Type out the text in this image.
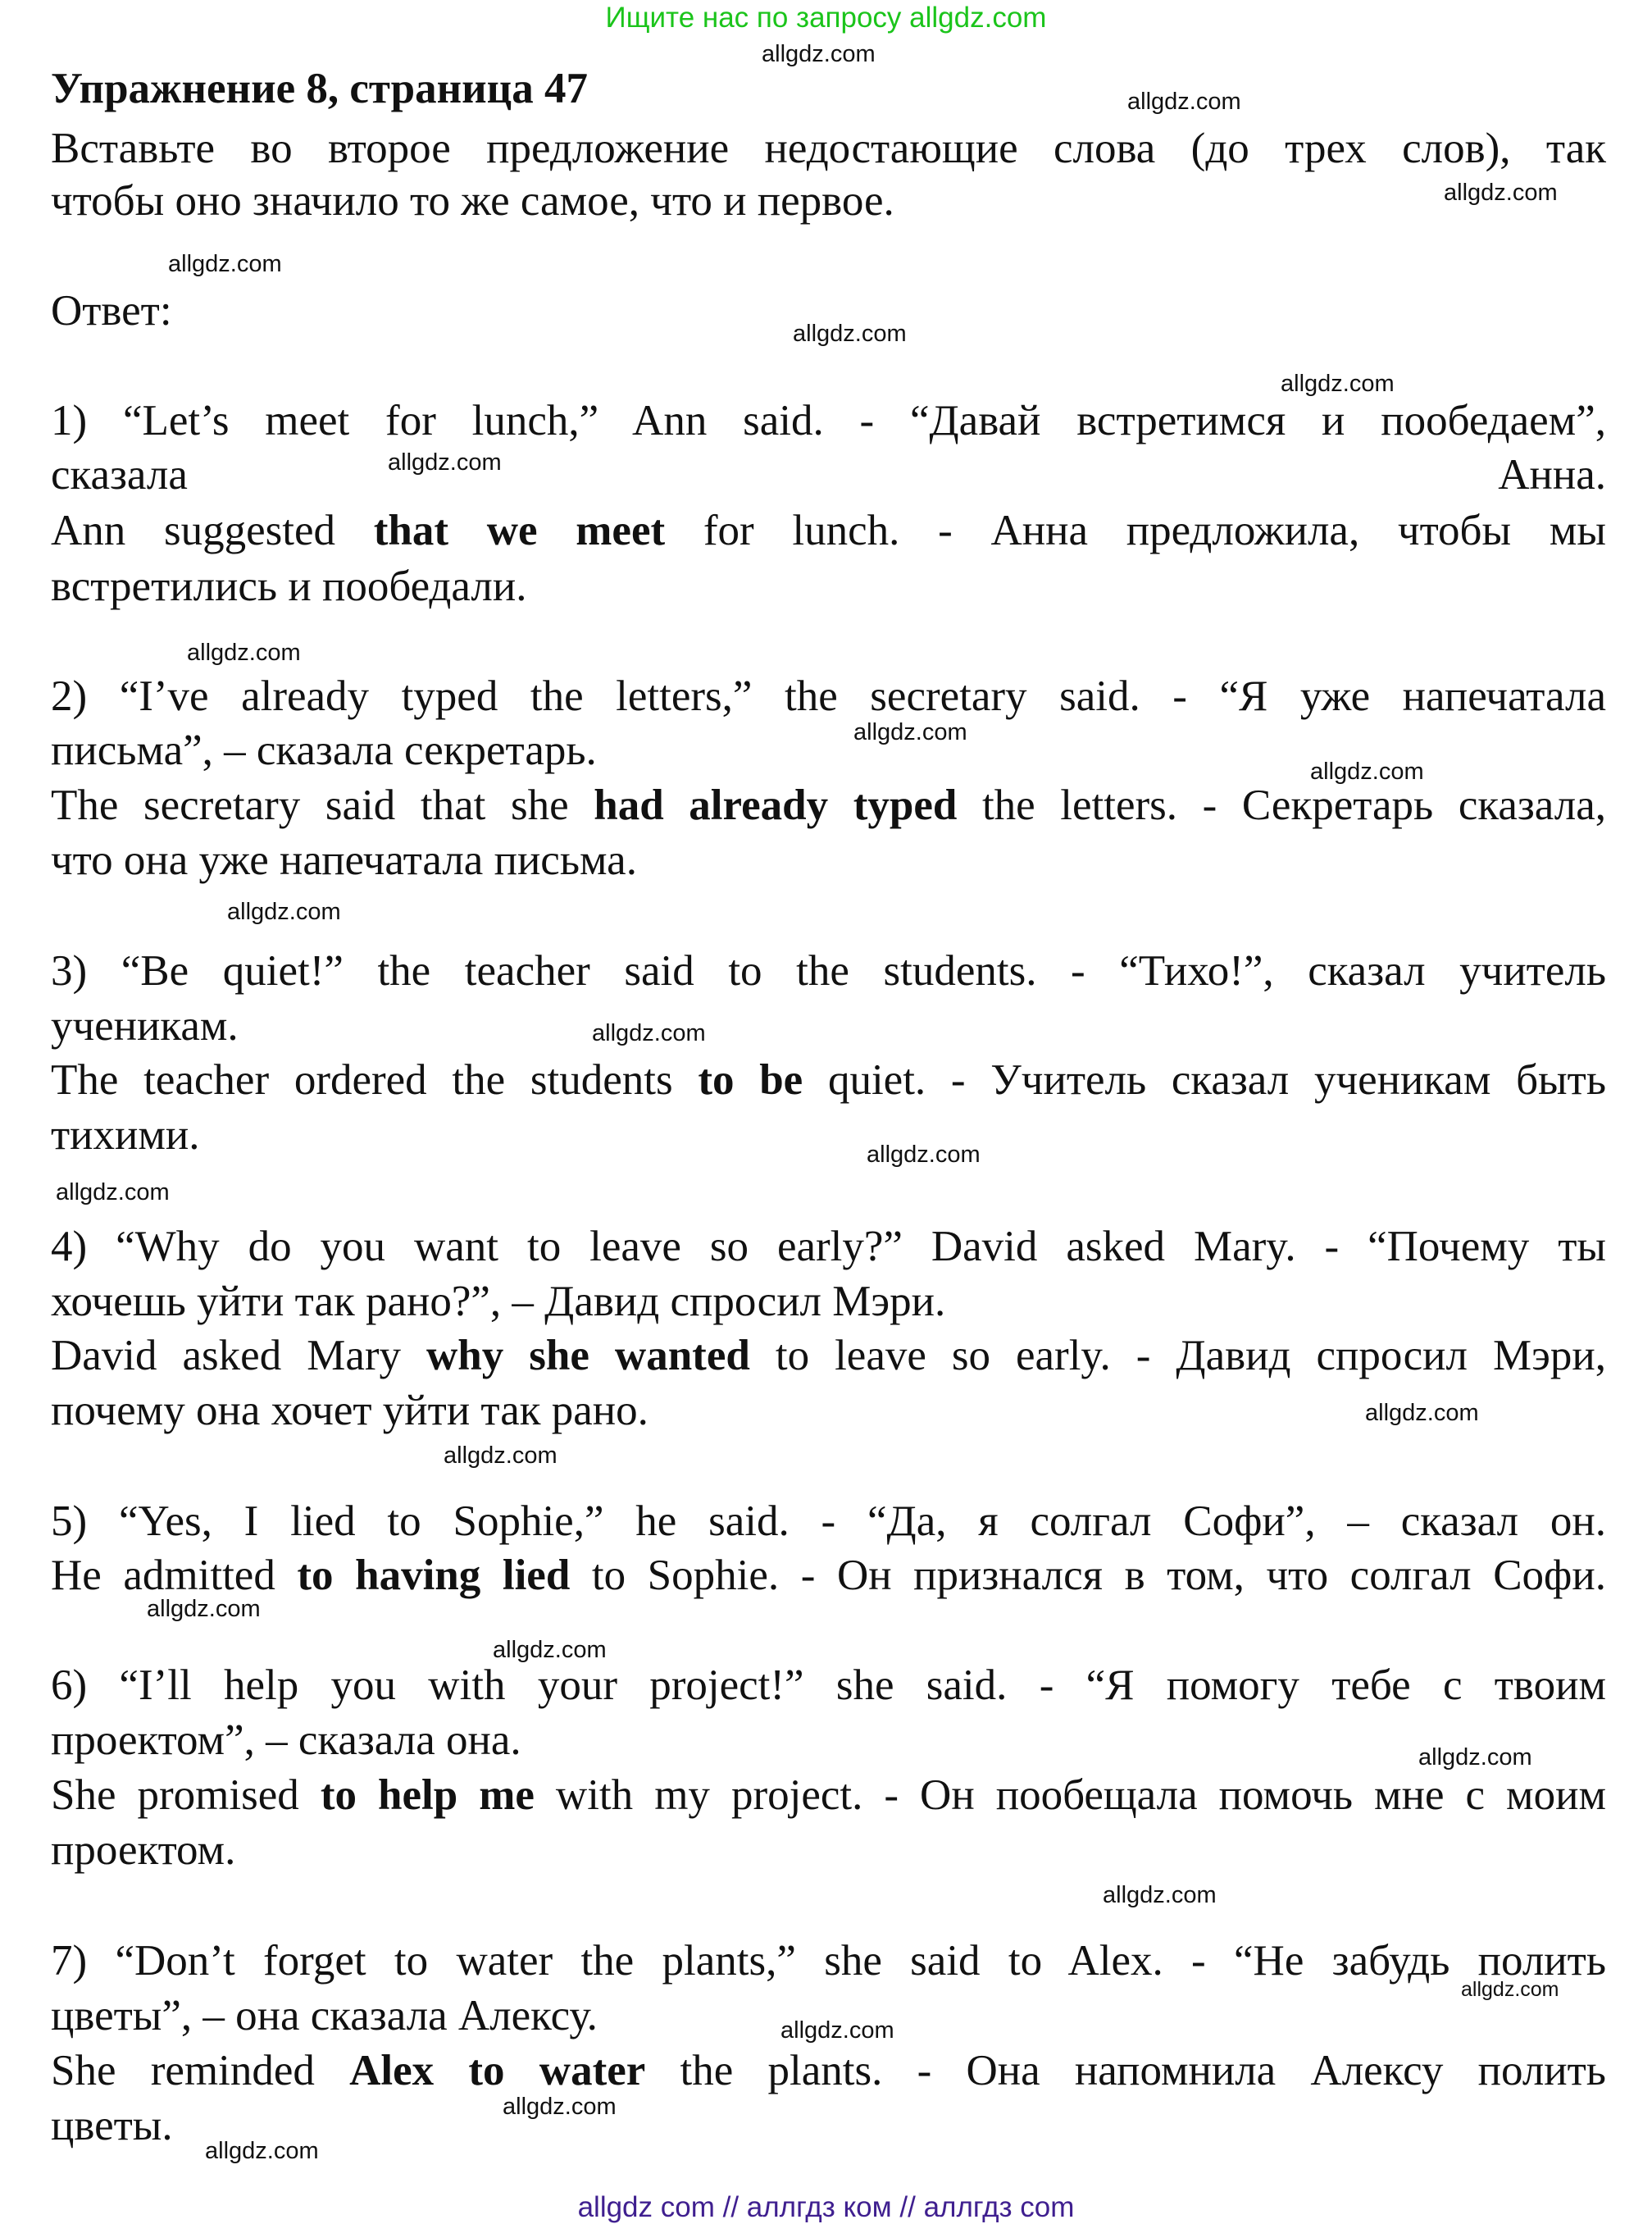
Ищите нас по запросу allgdz.com
Упражнение 8, страница 47
Вставьте во второе предложение недостающие слова (до трех слов), так
чтобы оно значило то же самое, что и первое.
Ответ:
1) “Let’s meet for lunch,” Ann said. - “Давай встретимся и пообедаем”,
сказала	Анна.
Ann suggested that we meet for lunch. - Анна предложила, чтобы мы
встретились и пообедали.
2) “I’ve already typed the letters,” the secretary said. - “Я уже напечатала
письма”, – сказала секретарь.
The secretary said that she had already typed the letters. - Секретарь сказала,
что она уже напечатала письма.
3) “Be quiet!” the teacher said to the students. - “Тихо!”, сказал учитель
ученикам.
The teacher ordered the students to be quiet. - Учитель сказал ученикам быть
тихими.
4) “Why do you want to leave so early?” David asked Mary. - “Почему ты
хочешь уйти так рано?”, – Давид спросил Мэри.
David asked Mary why she wanted to leave so early. - Давид спросил Мэри,
почему она хочет уйти так рано.
5) “Yes, I lied to Sophie,” he said. - “Да, я солгал Софи”, – сказал он.
He admitted to having lied to Sophie. - Он признался в том, что солгал Софи.
6) “I’ll help you with your project!” she said. - “Я помогу тебе с твоим
проектом”, – сказала она.
She promised to help me with my project. - Он пообещала помочь мне с моим
проектом.
7) “Don’t forget to water the plants,” she said to Alex. - “Не забудь полить
цветы”, – она сказала Алексу.
She reminded Alex to water the plants. - Она напомнила Алексу полить
цветы.
allgdz.com
allgdz.com
allgdz.com
allgdz.com
allgdz.com
allgdz.com
allgdz.com
allgdz.com
allgdz.com
allgdz.com
allgdz.com
allgdz.com
allgdz.com
allgdz.com
allgdz.com
allgdz.com
allgdz.com
allgdz.com
allgdz.com
allgdz.com
allgdz.com
allgdz.com
allgdz.com
allgdz.com
allgdz com // аллгдз ком // аллгдз com
